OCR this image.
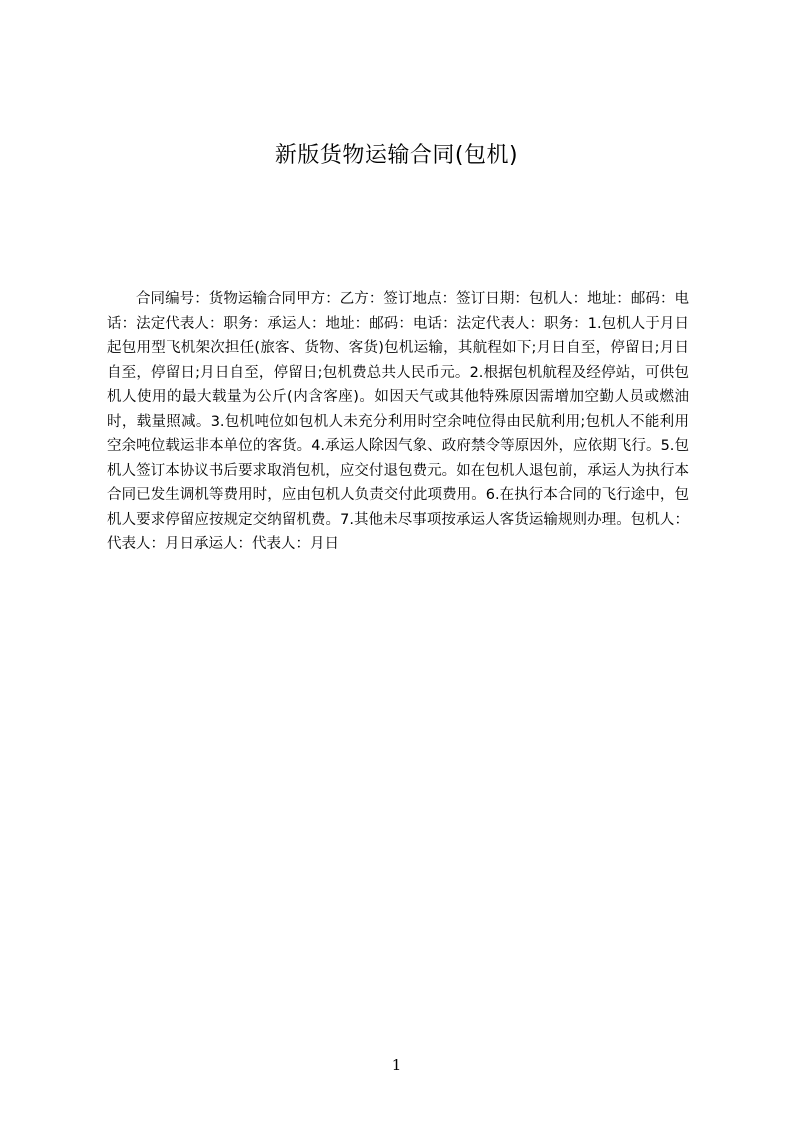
新版货物运输合同(包机)

合同编号：货物运输合同甲方：乙方：签订地点：签订日期：包机人：地址：邮码：电话：法定代表人：职务：承运人：地址：邮码：电话：法定代表人：职务：1.包机人于月日起包用型飞机架次担任(旅客、货物、客货)包机运输，其航程如下;月日自至，停留日;月日自至，停留日;月日自至，停留日;包机费总共人民币元。2.根据包机航程及经停站，可供包机人使用的最大载量为公斤(内含客座)。如因天气或其他特殊原因需增加空勤人员或燃油时，载量照减。3.包机吨位如包机人未充分利用时空余吨位得由民航利用;包机人不能利用空余吨位载运非本单位的客货。4.承运人除因气象、政府禁令等原因外，应依期飞行。5.包机人签订本协议书后要求取消包机，应交付退包费元。如在包机人退包前，承运人为执行本合同已发生调机等费用时，应由包机人负责交付此项费用。6.在执行本合同的飞行途中，包机人要求停留应按规定交纳留机费。7.其他未尽事项按承运人客货运输规则办理。包机人：代表人：月日承运人：代表人：月日

1
